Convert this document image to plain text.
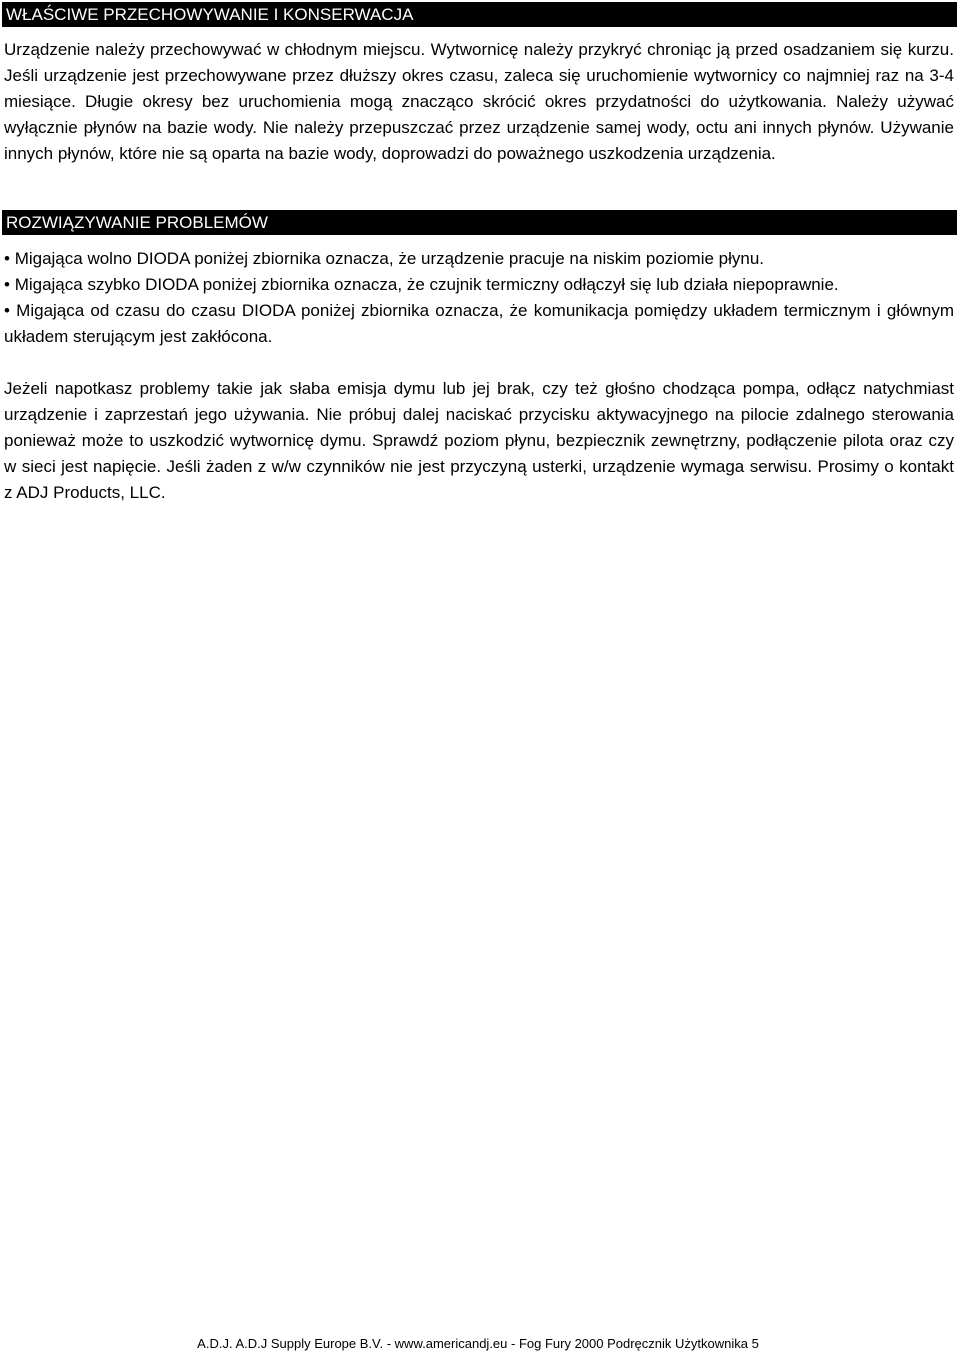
WŁAŚCIWE PRZECHOWYWANIE I KONSERWACJA

Urządzenie należy przechowywać w chłodnym miejscu. Wytwornicę należy przykryć chroniąc ją przed osadzaniem się kurzu. Jeśli urządzenie jest przechowywane przez dłuższy okres czasu, zaleca się uruchomienie wytwornicy co najmniej raz na 3-4 miesiące. Długie okresy bez uruchomienia mogą znacząco skrócić okres przydatności do użytkowania. Należy używać wyłącznie płynów na bazie wody. Nie należy przepuszczać przez urządzenie samej wody, octu ani innych płynów. Używanie innych płynów, które nie są oparta na bazie wody, doprowadzi do poważnego uszkodzenia urządzenia.

ROZWIĄZYWANIE PROBLEMÓW
• Migająca wolno DIODA poniżej zbiornika oznacza, że urządzenie pracuje na niskim poziomie płynu.
• Migająca szybko DIODA poniżej zbiornika oznacza, że czujnik termiczny odłączył się lub działa niepoprawnie.
• Migająca od czasu do czasu DIODA poniżej zbiornika oznacza, że komunikacja pomiędzy układem termicznym i głównym układem sterującym jest zakłócona.

Jeżeli napotkasz problemy takie jak słaba emisja dymu lub jej brak, czy też głośno chodząca pompa, odłącz natychmiast urządzenie i zaprzestań jego używania. Nie próbuj dalej naciskać przycisku aktywacyjnego na pilocie zdalnego sterowania ponieważ może to uszkodzić wytwornicę dymu. Sprawdź poziom płynu, bezpiecznik zewnętrzny, podłączenie pilota oraz czy w sieci jest napięcie. Jeśli żaden z w/w czynników nie jest przyczyną usterki, urządzenie wymaga serwisu. Prosimy o kontakt z ADJ Products, LLC.

A.D.J. A.D.J Supply Europe B.V. - www.americandj.eu - Fog Fury 2000 Podręcznik Użytkownika 5
